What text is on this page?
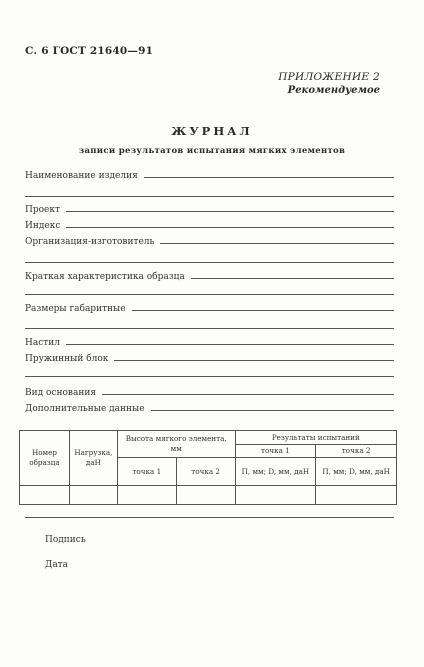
С. 6 ГОСТ 21640—91
ПРИЛОЖЕНИЕ 2
Рекомендуемое
ЖУРНАЛ
записи результатов испытания мягких элементов
Наименование изделия
Проект
Индекс
Организация-изготовитель
Краткая характеристика образца
Размеры габаритные
Настил
Пружинный блок
Вид основания
Дополнительные данные
Номер образца	Нагрузка, даН	Высота мягкого элемента, мм		Результаты испытаний	
				точка 1	точка 2
		точка 1	точка 2	П, мм; D, мм, даН	П, мм; D, мм, даН

Подпись
Дата
